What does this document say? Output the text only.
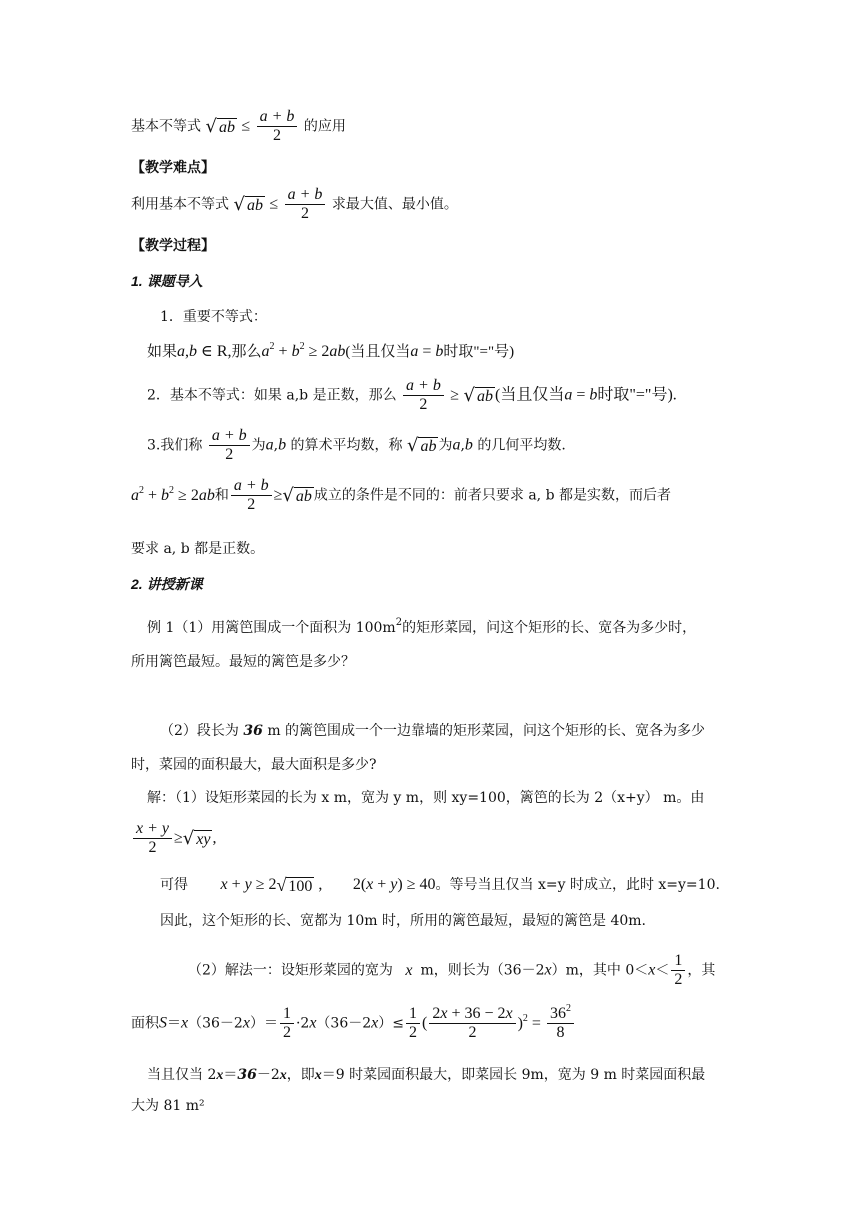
基本不等式 √ ab ≤ $\frac{a + b}{2}$ 的应用
【教学难点】
利用基本不等式 √ ab ≤ $\frac{a + b}{2}$ 求最大值、最小值。
【教学过程】
1. 课题导入
1．重要不等式：
如果a,b ∈ R,那么$a^2 + b^2 \ge 2ab$(当且仅当a = b时取"="号)
2．基本不等式：如果 a,b 是正数，那么 $\frac{a + b}{2}$ ≥ √ ab (当且仅当a = b时取"="号).
3.我们称 $\frac{a + b}{2}$ 为a,b 的算术平均数，称 √ ab 为a,b 的几何平均数.
$a^2 + b^2 \ge 2ab$和 $\frac{a + b}{2}$ ≥√ ab 成立的条件是不同的：前者只要求 a, b 都是实数，而后者
要求 a, b 都是正数。
2. 讲授新课
例 1（1）用篱笆围成一个面积为 $100m^2$的矩形菜园，问这个矩形的长、宽各为多少时，
所用篱笆最短。最短的篱笆是多少？
（2）段长为 36 m 的篱笆围成一个一边靠墙的矩形菜园，问这个矩形的长、宽各为多少
时，菜园的面积最大，最大面积是多少?
解：（1）设矩形菜园的长为 x m，宽为 y m，则 xy=100，篱笆的长为 2（x+y） m。由
$\frac{x + y}{2}$ ≥√ xy ,
可得 x + y ≥ 2√ 100 , 2(x + y) ≥ 40。等号当且仅当 x=y 时成立，此时 x=y=10.
因此，这个矩形的长、宽都为 10m 时，所用的篱笆最短，最短的篱笆是 40m.
（2）解法一：设矩形菜园的宽为 x m，则长为（36－2x）m，其中 $0<x< \frac{1}{2}$ ，其
面积$S=x(36-2x)= \frac{1}{2} \cdot 2x(36-2x)\le \frac{1}{2}$ ( $\frac{2x + 36 - 2x}{2} )^2 = \frac{36^2}{8}$
当且仅当 2x＝36－2x，即x＝9 时菜园面积最大，即菜园长 9m，宽为 9 m 时菜园面积最
大为 81 m²
